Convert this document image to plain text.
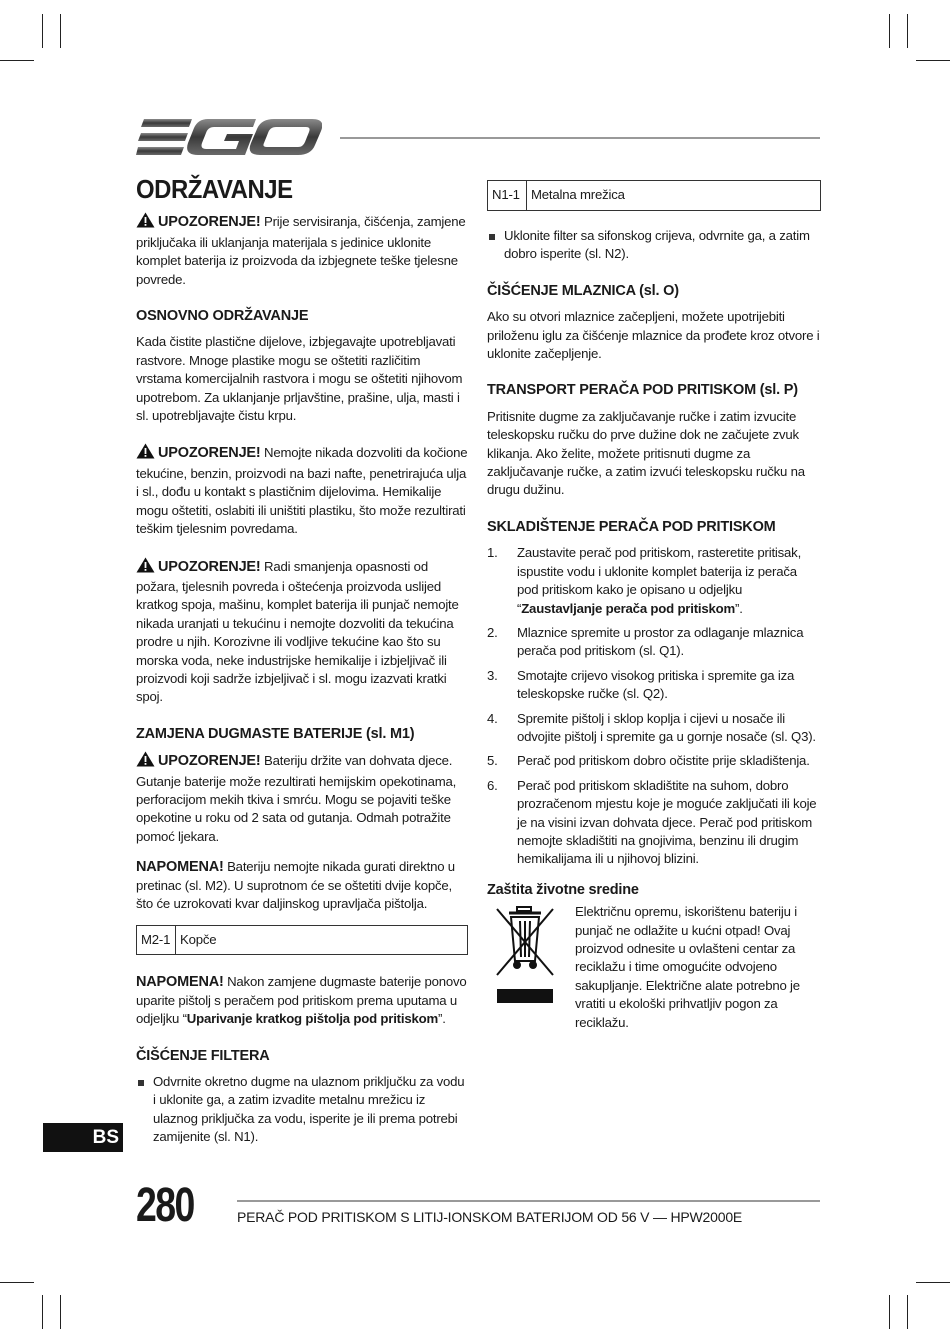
ODRŽAVANJE

UPOZORENJE! Prije servisiranja, čišćenja, zamjene priključaka ili uklanjanja materijala s jedinice uklonite komplet baterija iz proizvoda da izbjegnete teške tjelesne povrede.

OSNOVNO ODRŽAVANJE

Kada čistite plastične dijelove, izbjegavajte upotrebljavati rastvore. Mnoge plastike mogu se oštetiti različitim vrstama komercijalnih rastvora i mogu se oštetiti njihovom upotrebom. Za uklanjanje prljavštine, prašine, ulja, masti i sl. upotrebljavajte čistu krpu.

UPOZORENJE! Nemojte nikada dozvoliti da kočione tekućine, benzin, proizvodi na bazi nafte, penetrirajuća ulja i sl., dođu u kontakt s plastičnim dijelovima. Hemikalije mogu oštetiti, oslabiti ili uništiti plastiku, što može rezultirati teškim tjelesnim povredama.

UPOZORENJE! Radi smanjenja opasnosti od požara, tjelesnih povreda i oštećenja proizvoda uslijed kratkog spoja, mašinu, komplet baterija ili punjač nemojte nikada uranjati u tekućinu i nemojte dozvoliti da tekućina prodre u njih. Korozivne ili vodljive tekućine kao što su morska voda, neke industrijske hemikalije i izbjeljivač ili proizvodi koji sadrže izbjeljivač i sl. mogu izazvati kratki spoj.

ZAMJENA DUGMASTE BATERIJE (sl. M1)

UPOZORENJE! Bateriju držite van dohvata djece. Gutanje baterije može rezultirati hemijskim opekotinama, perforacijom mekih tkiva i smrću. Mogu se pojaviti teške opekotine u roku od 2 sata od gutanja. Odmah potražite pomoć ljekara.

NAPOMENA! Bateriju nemojte nikada gurati direktno u pretinac (sl. M2). U suprotnom će se oštetiti dvije kopče, što će uzrokovati kvar daljinskog upravljača pištolja.

M2-1 Kopče

NAPOMENA! Nakon zamjene dugmaste baterije ponovo uparite pištolj s peračem pod pritiskom prema uputama u odjeljku “Uparivanje kratkog pištolja pod pritiskom”.

ČIŠĆENJE FILTERA
Odvrnite okretno dugme na ulaznom priključku za vodu i uklonite ga, a zatim izvadite metalnu mrežicu iz ulaznog priključka za vodu, isperite je ili prema potrebi zamijenite (sl. N1).
N1-1 Metalna mrežica
Uklonite filter sa sifonskog crijeva, odvrnite ga, a zatim dobro isperite (sl. N2).
ČIŠĆENJE MLAZNICA (sl. O)

Ako su otvori mlaznice začepljeni, možete upotrijebiti priloženu iglu za čišćenje mlaznice da prođete kroz otvore i uklonite začepljenje.

TRANSPORT PERAČA POD PRITISKOM (sl. P)

Pritisnite dugme za zaključavanje ručke i zatim izvucite teleskopsku ručku do prve dužine dok ne začujete zvuk klikanja. Ako želite, možete pritisnuti dugme za zaključavanje ručke, a zatim izvući teleskopsku ručku na drugu dužinu.

SKLADIŠTENJE PERAČA POD PRITISKOM
1. Zaustavite perač pod pritiskom, rasteretite pritisak, ispustite vodu i uklonite komplet baterija iz perača pod pritiskom kako je opisano u odjeljku “Zaustavljanje perača pod pritiskom”.
2. Mlaznice spremite u prostor za odlaganje mlaznica perača pod pritiskom (sl. Q1).
3. Smotajte crijevo visokog pritiska i spremite ga iza teleskopske ručke (sl. Q2).
4. Spremite pištolj i sklop koplja i cijevi u nosače ili odvojite pištolj i spremite ga u gornje nosače (sl. Q3).
5. Perač pod pritiskom dobro očistite prije skladištenja.
6. Perač pod pritiskom skladištite na suhom, dobro prozračenom mjestu koje je moguće zaključati ili koje je na visini izvan dohvata djece. Perač pod pritiskom nemojte skladištiti na gnojivima, benzinu ili drugim hemikalijama ili u njihovoj blizini.
Zaštita životne sredine

Električnu opremu, iskorištenu bateriju i punjač ne odlažite u kućni otpad! Ovaj proizvod odnesite u ovlašteni centar za reciklažu i time omogućite odvojeno sakupljanje. Električne alate potrebno je vratiti u ekološki prihvatljiv pogon za reciklažu.

BS
280	PERAČ POD PRITISKOM S LITIJ-IONSKOM BATERIJOM OD 56 V — HPW2000E
